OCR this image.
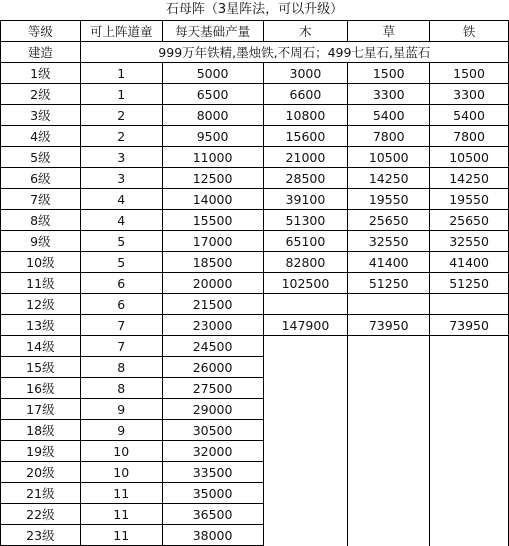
石母阵（3星阵法，可以升级）
等级	可上阵道童	每天基础产量	木	草	铁
建造	999万年铁精,墨烛铁,不周石；499七星石,星蓝石				
1级	1	5000	3000	1500	1500
2级	1	6500	6600	3300	3300
3级	2	8000	10800	5400	5400
4级	2	9500	15600	7800	7800
5级	3	11000	21000	10500	10500
6级	3	12500	28500	14250	14250
7级	4	14000	39100	19550	19550
8级	4	15500	51300	25650	25650
9级	5	17000	65100	32550	32550
10级	5	18500	82800	41400	41400
11级	6	20000	102500	51250	51250
12级	6	21500			
13级	7	23000	147900	73950	73950
14级	7	24500			
15级	8	26000			
16级	8	27500			
17级	9	29000			
18级	9	30500			
19级	10	32000			
20级	10	33500			
21级	11	35000			
22级	11	36500			
23级	11	38000			
